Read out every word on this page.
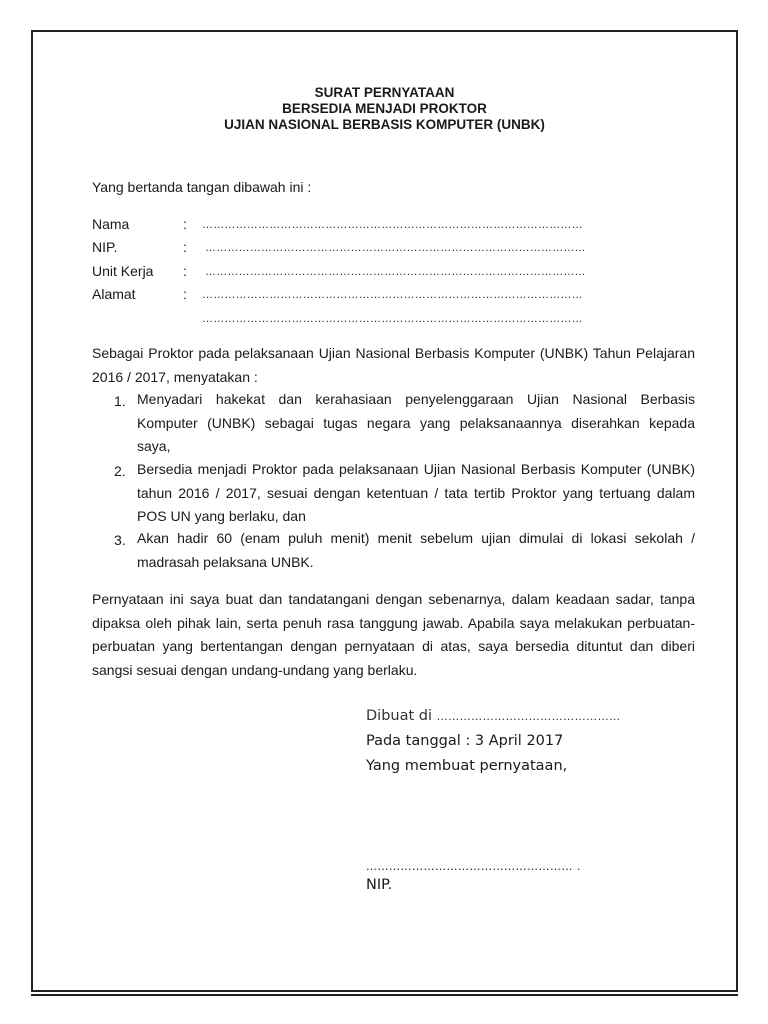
SURAT PERNYATAAN
BERSEDIA MENJADI PROKTOR
UJIAN NASIONAL BERBASIS KOMPUTER (UNBK)
Yang bertanda tangan dibawah ini :
Nama	: …………………………………………………………………………………………
NIP.	: …………………………………………………………………………………………
Unit Kerja : …………………………………………………………………………………………
Alamat	: …………………………………………………………………………………………
…………………………………………………………………………………………
Sebagai Proktor pada pelaksanaan Ujian Nasional Berbasis Komputer (UNBK) Tahun Pelajaran
2016 / 2017, menyatakan :
1. Menyadari hakekat dan kerahasiaan penyelenggaraan Ujian Nasional Berbasis
Komputer (UNBK) sebagai tugas negara yang pelaksanaannya diserahkan kepada
saya,
2. Bersedia menjadi Proktor pada pelaksanaan Ujian Nasional Berbasis Komputer (UNBK)
tahun 2016 / 2017, sesuai dengan ketentuan / tata tertib Proktor yang tertuang dalam
POS UN yang berlaku, dan
3. Akan hadir 60 (enam puluh menit) menit sebelum ujian dimulai di lokasi sekolah /
madrasah pelaksana UNBK.
Pernyataan ini saya buat dan tandatangani dengan sebenarnya, dalam keadaan sadar, tanpa
dipaksa oleh pihak lain, serta penuh rasa tanggung jawab. Apabila saya melakukan perbuatan-
perbuatan yang bertentangan dengan pernyataan di atas, saya bersedia dituntut dan diberi
sangsi sesuai dengan undang-undang yang berlaku.
Dibuat di …………………………………………
Pada tanggal : 3 April 2017
Yang membuat pernyataan,
……………………………………………… .
NIP.
